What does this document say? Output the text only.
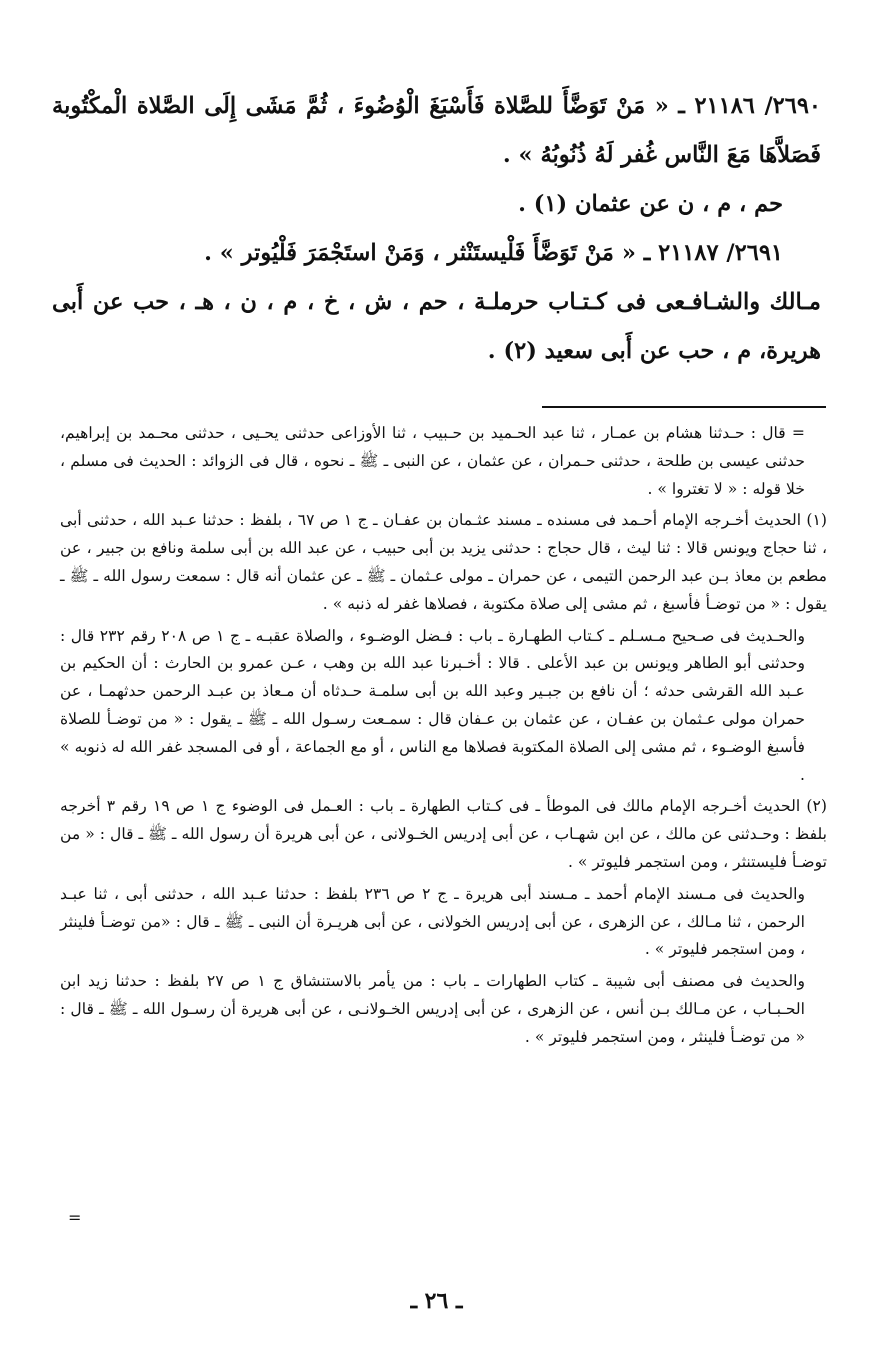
٢٦٩٠/ ٢١١٨٦ ـ « مَنْ تَوَضَّأَ للصَّلاة فَأَسْبَغَ الْوُضُوءَ ، ثُمَّ مَشَى إِلَى الصَّلاة الْمكْتُوبة فَصَلاَّهَا مَعَ النَّاس غُفر لَهُ ذُنُوبُهُ » .

حم ، م ، ن عن عثمان (١) .

٢٦٩١/ ٢١١٨٧ ـ « مَنْ تَوَضَّأَ فَلْيستَنْثر ، وَمَنْ استَجْمَرَ فَلْيُوتر » .

مـالك والشـافـعى فى كـتـاب حرملـة ، حم ، ش ، خ ، م ، ن ، هـ ، حب عن أَبى هريرة، م ، حب عن أَبى سعيد (٢) .

= قال : حـدثنا هشام بن عمـار ، ثنا عبد الحـميد بن حـبيب ، ثنا الأوزاعى حدثنى يحـيى ، حدثنى محـمد بن إبراهيم، حدثنى عيسى بن طلحة ، حدثنى حـمران ، عن عثمان ، عن النبى ـ ﷺ ـ نحوه ، قال فى الزوائد : الحديث فى مسلم ، خلا قوله : « لا تغتروا » .

(١) الحديث أخـرجه الإمام أحـمد فى مسنده ـ مسند عثـمان بن عفـان ـ ج ١ ص ٦٧ ، بلفظ : حدثنا عـبد الله ، حدثنى أبى ، ثنا حجاج ويونس قالا : ثنا ليث ، قال حجاج : حدثنى يزيد بن أبى حبيب ، عن عبد الله بن أبى سلمة ونافع بن جبير ، عن مطعم بن معاذ بـن عبد الرحمن التيمى ، عن حمران ـ مولى عـثمان ـ ﷺ ـ عن عثمان أنه قال : سمعت رسول الله ـ ﷺ ـ يقول : « من توضـأ فأسبغ ، ثم مشى إلى صلاة مكتوبة ، فصلاها غفر له ذنبه » .

والحـديث فى صـحيح مـسـلم ـ كـتاب الطهـارة ـ باب : فـضل الوضـوء ، والصلاة عقبـه ـ ج ١ ص ٢٠٨ رقم ٢٣٢ قال : وحدثنى أبو الطاهر ويونس بن عبد الأعلى . قالا : أخـبرنا عبد الله بن وهب ، عـن عمرو بن الحارث : أن الحكيم بن عـبد الله القرشى حدثه ؛ أن نافع بن جبـير وعبد الله بن أبى سلمـة حـدثاه أن مـعاذ بن عبـد الرحمن حدثهمـا ، عن حمران مولى عـثمان بن عفـان ، عن عثمان بن عـفان قال : سمـعت رسـول الله ـ ﷺ ـ يقول : « من توضـأ للصلاة فأسبغ الوضـوء ، ثم مشى إلى الصلاة المكتوبة فصلاها مع الناس ، أو مع الجماعة ، أو فى المسجد غفر الله له ذنوبه » .

(٢) الحديث أخـرجه الإمام مالك فى الموطأ ـ فى كـتاب الطهارة ـ باب : العـمل فى الوضوء ج ١ ص ١٩ رقم ٣ أخرجه بلفظ : وحـدثنى عن مالك ، عن ابن شهـاب ، عن أبى إدريس الخـولانى ، عن أبى هريرة أن رسول الله ـ ﷺ ـ قال : « من توضـأ فليستنثر ، ومن استجمر فليوتر » .

والحديث فى مـسند الإمام أحمد ـ مـسند أبى هريرة ـ ج ٢ ص ٢٣٦ بلفظ : حدثنا عـبد الله ، حدثنى أبى ، ثنا عبـد الرحمن ، ثنا مـالك ، عن الزهرى ، عن أبى إدريس الخولانى ، عن أبى هريـرة أن النبى ـ ﷺ ـ قال : «من توضـأ فلينثر ، ومن استجمر فليوتر » .

والحديث فى مصنف أبى شيبة ـ كتاب الطهارات ـ باب : من يأمر بالاستنشاق ج ١ ص ٢٧ بلفظ : حدثنا زيد ابن الحـبـاب ، عن مـالك بـن أنس ، عن الزهرى ، عن أبى إدريس الخـولانـى ، عن أبى هريرة أن رسـول الله ـ ﷺ ـ قال : « من توضـأ فلينثر ، ومن استجمر فليوتر » .

=
ـ ٢٦ ـ
